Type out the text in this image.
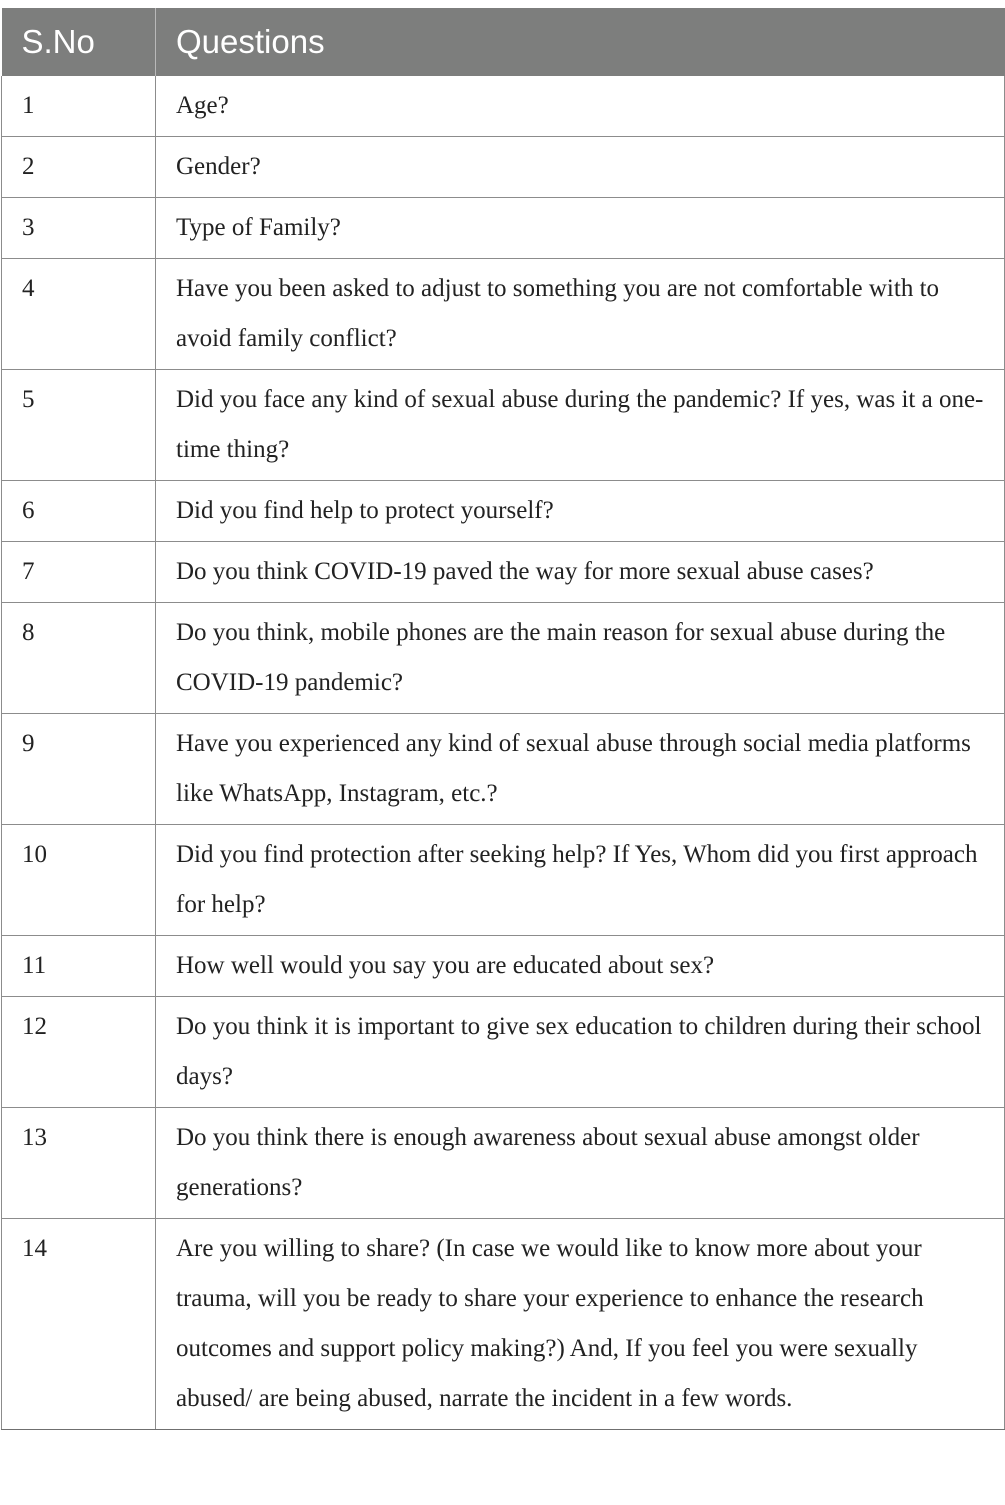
S.No	Questions
1	Age?
2	Gender?
3	Type of Family?
4	Have you been asked to adjust to something you are not comfortable with to avoid family conflict?
5	Did you face any kind of sexual abuse during the pandemic? If yes, was it a one-time thing?
6	Did you find help to protect yourself?
7	Do you think COVID-19 paved the way for more sexual abuse cases?
8	Do you think, mobile phones are the main reason for sexual abuse during the COVID-19 pandemic?
9	Have you experienced any kind of sexual abuse through social media platforms like WhatsApp, Instagram, etc.?
10	Did you find protection after seeking help? If Yes, Whom did you first approach for help?
11	How well would you say you are educated about sex?
12	Do you think it is important to give sex education to children during their school days?
13	Do you think there is enough awareness about sexual abuse amongst older generations?
14	Are you willing to share? (In case we would like to know more about your trauma, will you be ready to share your experience to enhance the research outcomes and support policy making?) And, If you feel you were sexually abused/ are being abused, narrate the incident in a few words.
